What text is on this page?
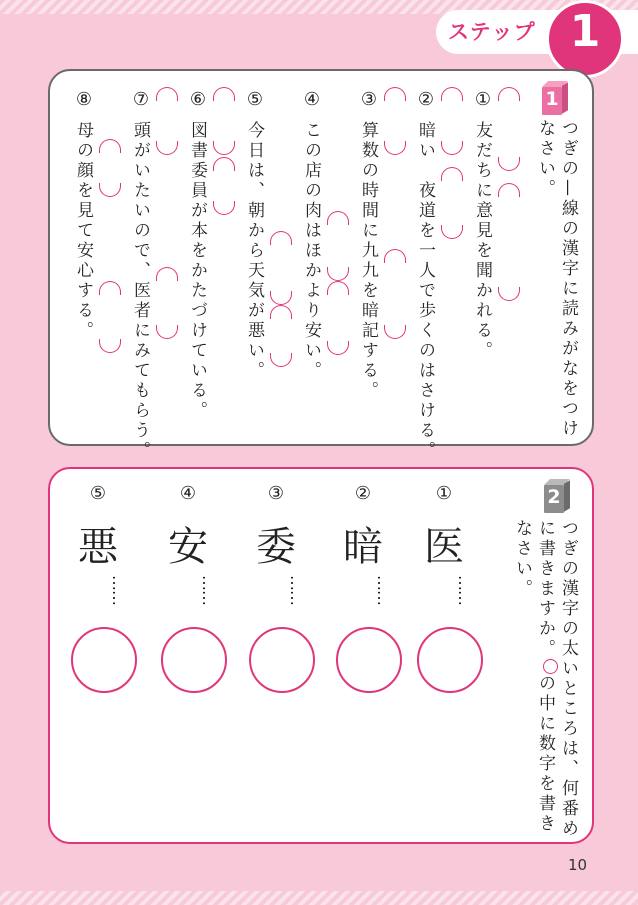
ステップ 1
1
つぎの—線の漢字に読みがなをつけ
なさい。
①
友だちに意見を聞かれる。
②
暗い　夜道を一人で歩くのはさける。
③
算数の時間に九九を暗記する。
④
この店の肉はほかより安い。
⑤
今日は、朝から天気が悪い。
⑥
図書委員が本をかたづけている。
⑦
頭がいたいので、医者にみてもらう。
⑧
母の顔を見て安心する。
2
つぎの漢字の太いところは、何番め
に書きますか。の中に数字を書き
なさい。
①
医
……
②
暗
……
③
委
……
④
安
……
⑤
悪
……
10
